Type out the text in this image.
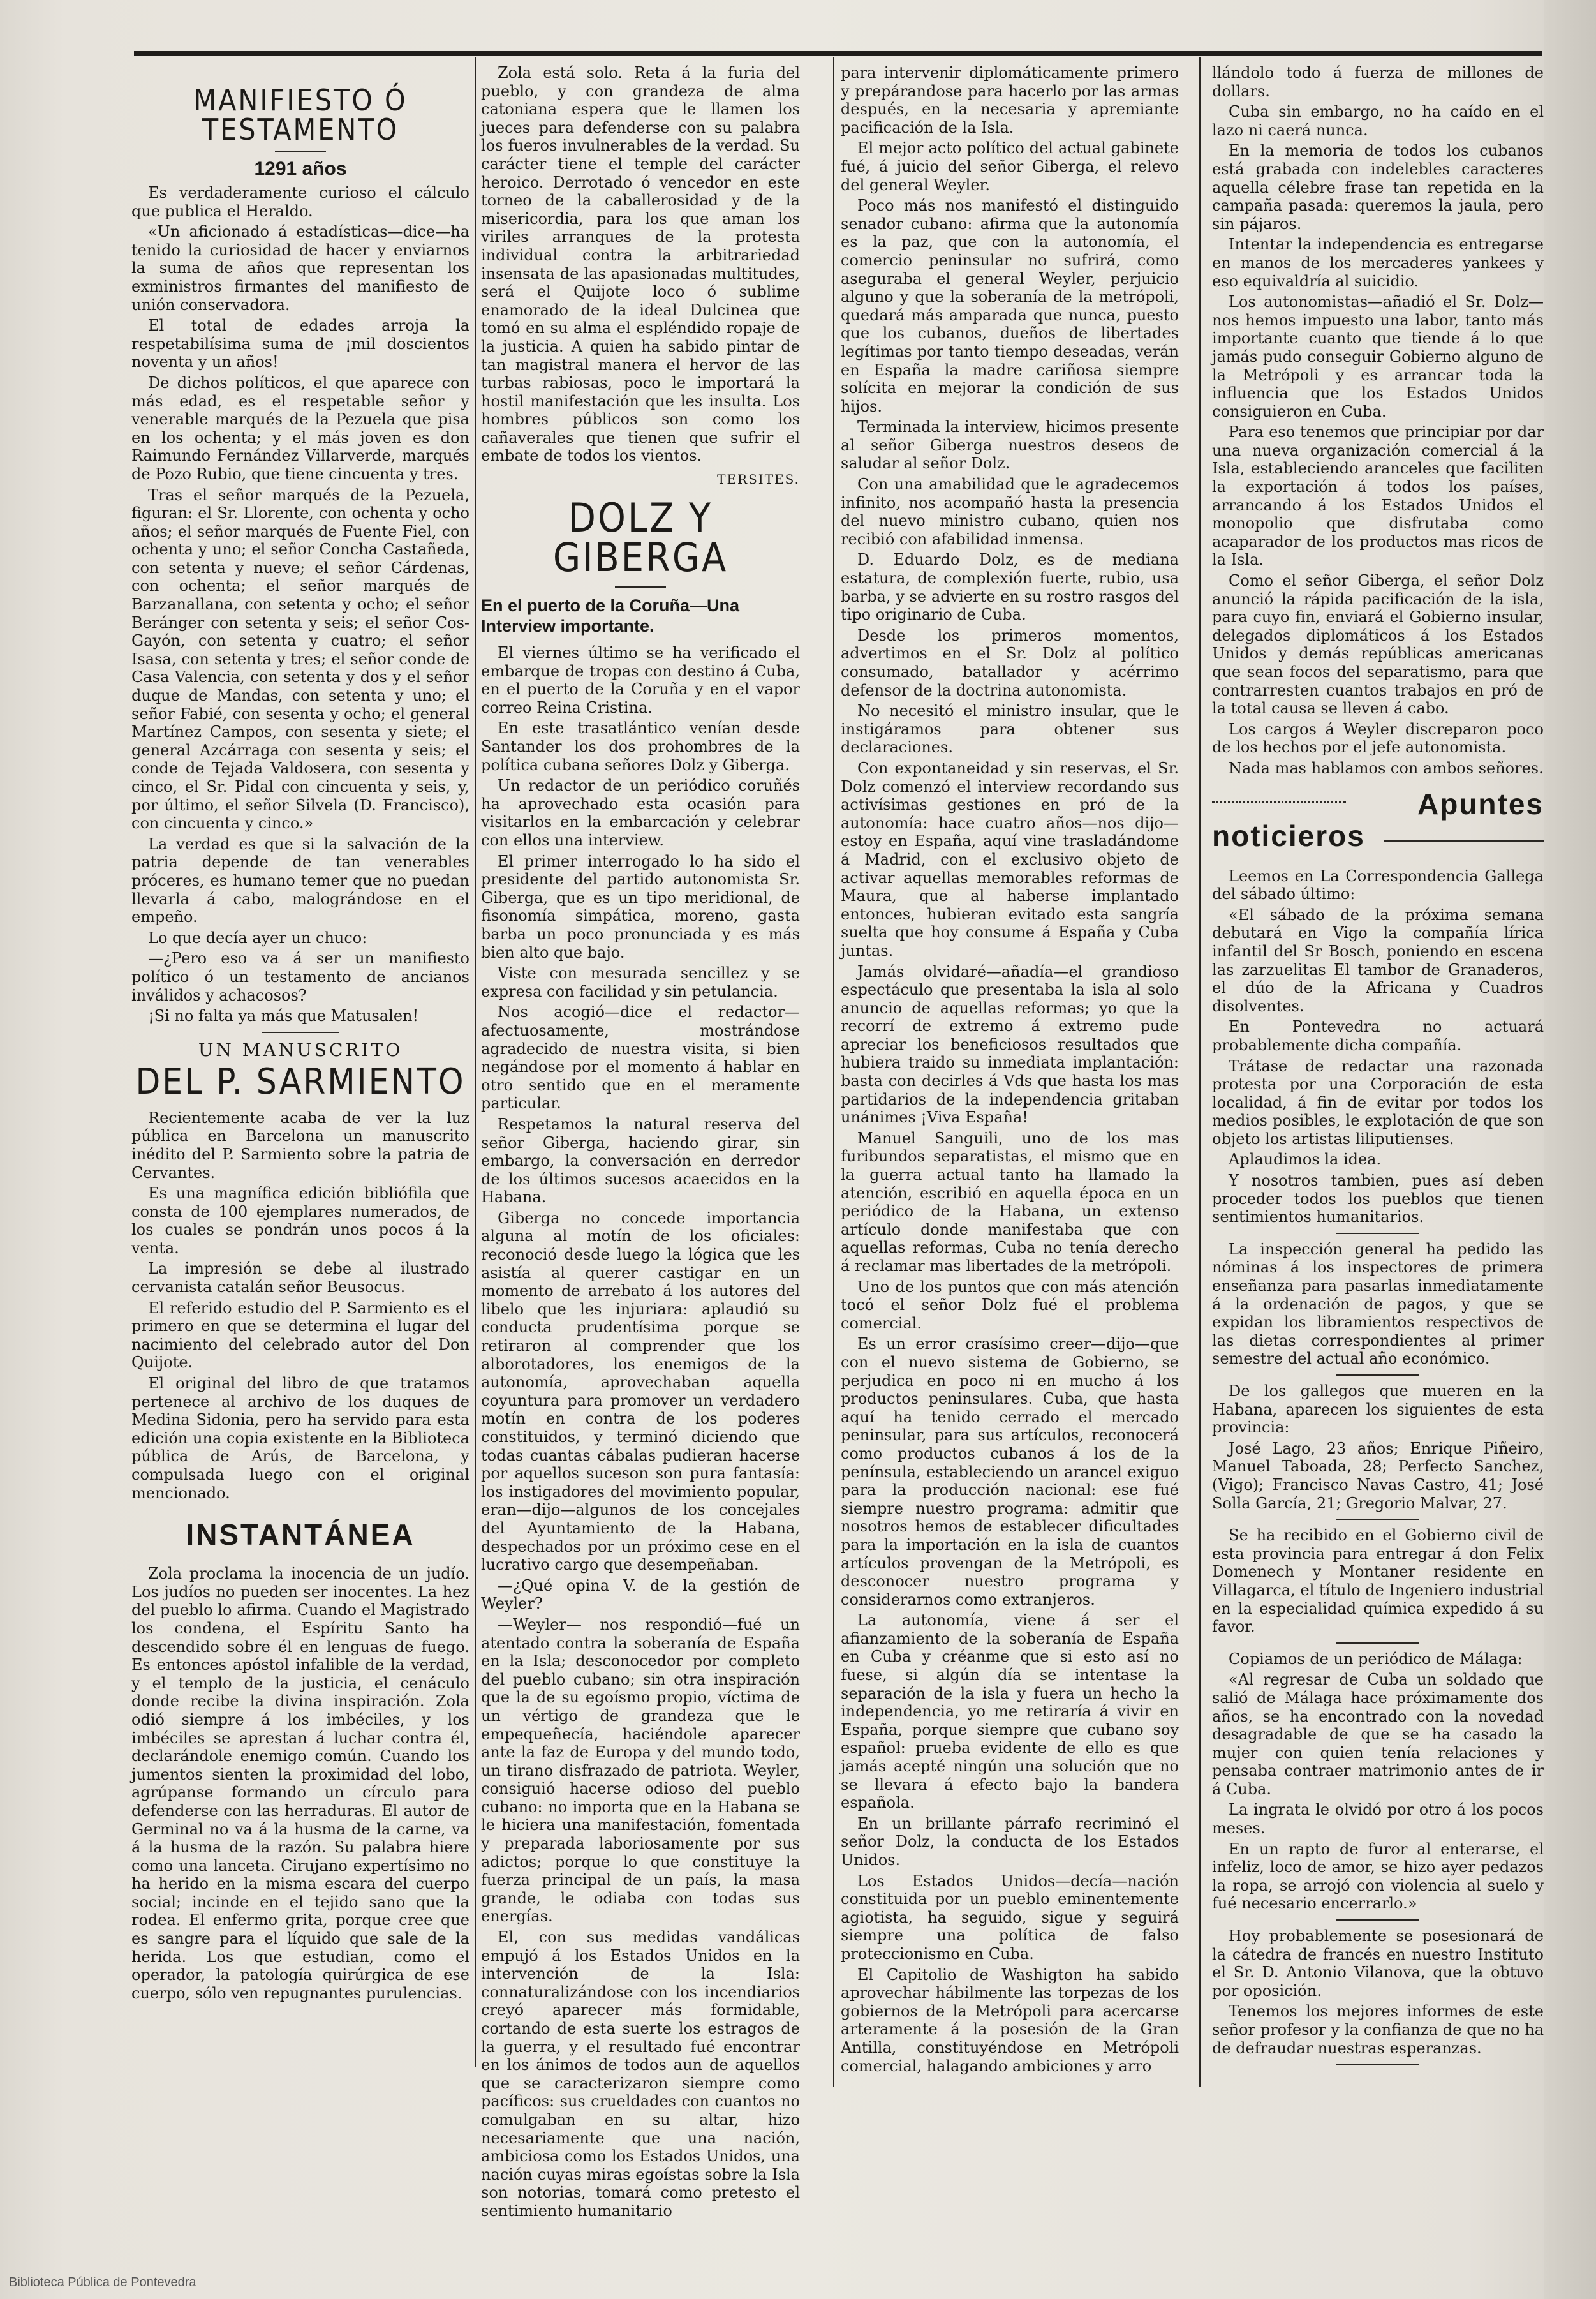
MANIFIESTO Ó TESTAMENTO
1291 años

Es verdaderamente curioso el cálculo que publica el Heraldo.

«Un aficionado á estadísticas—dice—ha tenido la curiosidad de hacer y enviarnos la suma de años que representan los exministros firmantes del manifiesto de unión conservadora.

El total de edades arroja la respetabilísima suma de ¡mil doscientos noventa y un años!

De dichos políticos, el que aparece con más edad, es el respetable señor y venerable marqués de la Pezuela que pisa en los ochenta; y el más joven es don Raimundo Fernández Villarverde, marqués de Pozo Rubio, que tiene cincuenta y tres.

Tras el señor marqués de la Pezuela, figuran: el Sr. Llorente, con ochenta y ocho años; el señor marqués de Fuente Fiel, con ochenta y uno; el señor Concha Castañeda, con setenta y nueve; el señor Cárdenas, con ochenta; el señor marqués de Barzanallana, con setenta y ocho; el señor Beránger con setenta y seis; el señor Cos-Gayón, con setenta y cuatro; el señor Isasa, con setenta y tres; el señor conde de Casa Valencia, con setenta y dos y el señor duque de Mandas, con setenta y uno; el señor Fabié, con sesenta y ocho; el general Martínez Campos, con sesenta y siete; el general Azcárraga con sesenta y seis; el conde de Tejada Valdosera, con sesenta y cinco, el Sr. Pidal con cincuenta y seis, y, por último, el señor Silvela (D. Francisco), con cincuenta y cinco.»

La verdad es que si la salvación de la patria depende de tan venerables próceres, es humano temer que no puedan llevarla á cabo, malográndose en el empeño.

Lo que decía ayer un chuco:

—¿Pero eso va á ser un manifiesto político ó un testamento de ancianos inválidos y achacosos?

¡Si no falta ya más que Matusalen!

UN MANUSCRITO
DEL P. SARMIENTO

Recientemente acaba de ver la luz pública en Barcelona un manuscrito inédito del P. Sarmiento sobre la patria de Cervantes.

Es una magnífica edición bibliófila que consta de 100 ejemplares numerados, de los cuales se pondrán unos pocos á la venta.

La impresión se debe al ilustrado cervanista catalán señor Beusocus.

El referido estudio del P. Sarmiento es el primero en que se determina el lugar del nacimiento del celebrado autor del Don Quijote.

El original del libro de que tratamos pertenece al archivo de los duques de Medina Sidonia, pero ha servido para esta edición una copia existente en la Biblioteca pública de Arús, de Barcelona, y compulsada luego con el original mencionado.

INSTANTÁNEA

Zola proclama la inocencia de un judío. Los judíos no pueden ser inocentes. La hez del pueblo lo afirma. Cuando el Magistrado los condena, el Espíritu Santo ha descendido sobre él en lenguas de fuego. Es entonces apóstol infalible de la verdad, y el templo de la justicia, el cenáculo donde recibe la divina inspiración. Zola odió siempre á los imbéciles, y los imbéciles se aprestan á luchar contra él, declarándole enemigo común. Cuando los jumentos sienten la proximidad del lobo, agrúpanse formando un círculo para defenderse con las herraduras. El autor de Germinal no va á la husma de la carne, va á la husma de la razón. Su palabra hiere como una lanceta. Cirujano expertísimo no ha herido en la misma escara del cuerpo social; incinde en el tejido sano que la rodea. El enfermo grita, porque cree que es sangre para el líquido que sale de la herida. Los que estudian, como el operador, la patología quirúrgica de ese cuerpo, sólo ven repugnantes purulencias.

Zola está solo. Reta á la furia del pueblo, y con grandeza de alma catoniana espera que le llamen los jueces para defenderse con su palabra los fueros invulnerables de la verdad. Su carácter tiene el temple del carácter heroico. Derrotado ó vencedor en este torneo de la caballerosidad y de la misericordia, para los que aman los viriles arranques de la protesta individual contra la arbitrariedad insensata de las apasionadas multitudes, será el Quijote loco ó sublime enamorado de la ideal Dulcinea que tomó en su alma el espléndido ropaje de la justicia. A quien ha sabido pintar de tan magistral manera el hervor de las turbas rabiosas, poco le importará la hostil manifestación que les insulta. Los hombres públicos son como los cañaverales que tienen que sufrir el embate de todos los vientos.

TERSITES.
DOLZ Y GIBERGA
En el puerto de la Coruña—Una Interview importante.

El viernes último se ha verificado el embarque de tropas con destino á Cuba, en el puerto de la Coruña y en el vapor correo Reina Cristina.

En este trasatlántico venían desde Santander los dos prohombres de la política cubana señores Dolz y Giberga.

Un redactor de un periódico coruñés ha aprovechado esta ocasión para visitarlos en la embarcación y celebrar con ellos una interview.

El primer interrogado lo ha sido el presidente del partido autonomista Sr. Giberga, que es un tipo meridional, de fisonomía simpática, moreno, gasta barba un poco pronunciada y es más bien alto que bajo.

Viste con mesurada sencillez y se expresa con facilidad y sin petulancia.

Nos acogió—dice el redactor—afectuosamente, mostrándose agradecido de nuestra visita, si bien negándose por el momento á hablar en otro sentido que en el meramente particular.

Respetamos la natural reserva del señor Giberga, haciendo girar, sin embargo, la conversación en derredor de los últimos sucesos acaecidos en la Habana.

Giberga no concede importancia alguna al motín de los oficiales: reconoció desde luego la lógica que les asistía al querer castigar en un momento de arrebato á los autores del libelo que les injuriara: aplaudió su conducta prudentísima porque se retiraron al comprender que los alborotadores, los enemigos de la autonomía, aprovechaban aquella coyuntura para promover un verdadero motín en contra de los poderes constituidos, y terminó diciendo que todas cuantas cábalas pudieran hacerse por aquellos suceson son pura fantasía: los instigadores del movimiento popular, eran—dijo—algunos de los concejales del Ayuntamiento de la Habana, despechados por un próximo cese en el lucrativo cargo que desempeñaban.

—¿Qué opina V. de la gestión de Weyler?

—Weyler— nos respondió—fué un atentado contra la soberanía de España en la Isla; desconocedor por completo del pueblo cubano; sin otra inspiración que la de su egoísmo propio, víctima de un vértigo de grandeza que le empequeñecía, haciéndole aparecer ante la faz de Europa y del mundo todo, un tirano disfrazado de patriota. Weyler, consiguió hacerse odioso del pueblo cubano: no importa que en la Habana se le hiciera una manifestación, fomentada y preparada laboriosamente por sus adictos; porque lo que constituye la fuerza principal de un país, la masa grande, le odiaba con todas sus energías.

El, con sus medidas vandálicas empujó á los Estados Unidos en la intervención de la Isla: connaturalizándose con los incendiarios creyó aparecer más formidable, cortando de esta suerte los estragos de la guerra, y el resultado fué encontrar en los ánimos de todos aun de aquellos que se caracterizaron siempre como pacíficos: sus crueldades con cuantos no comulgaban en su altar, hizo necesariamente que una nación, ambiciosa como los Estados Unidos, una nación cuyas miras egoístas sobre la Isla son notorias, tomará como pretesto el sentimiento humanitario

para intervenir diplomáticamente primero y prepárandose para hacerlo por las armas después, en la necesaria y apremiante pacificación de la Isla.

El mejor acto político del actual gabinete fué, á juicio del señor Giberga, el relevo del general Weyler.

Poco más nos manifestó el distinguido senador cubano: afirma que la autonomía es la paz, que con la autonomía, el comercio peninsular no sufrirá, como aseguraba el general Weyler, perjuicio alguno y que la soberanía de la metrópoli, quedará más amparada que nunca, puesto que los cubanos, dueños de libertades legítimas por tanto tiempo deseadas, verán en España la madre cariñosa siempre solícita en mejorar la condición de sus hijos.

Terminada la interview, hicimos presente al señor Giberga nuestros deseos de saludar al señor Dolz.

Con una amabilidad que le agradecemos infinito, nos acompañó hasta la presencia del nuevo ministro cubano, quien nos recibió con afabilidad inmensa.

D. Eduardo Dolz, es de mediana estatura, de complexión fuerte, rubio, usa barba, y se advierte en su rostro rasgos del tipo originario de Cuba.

Desde los primeros momentos, advertimos en el Sr. Dolz al político consumado, batallador y acérrimo defensor de la doctrina autonomista.

No necesitó el ministro insular, que le instigáramos para obtener sus declaraciones.

Con expontaneidad y sin reservas, el Sr. Dolz comenzó el interview recordando sus activísimas gestiones en pró de la autonomía: hace cuatro años—nos dijo—estoy en España, aquí vine trasladándome á Madrid, con el exclusivo objeto de activar aquellas memorables reformas de Maura, que al haberse implantado entonces, hubieran evitado esta sangría suelta que hoy consume á España y Cuba juntas.

Jamás olvidaré—añadía—el grandioso espectáculo que presentaba la isla al solo anuncio de aquellas reformas; yo que la recorrí de extremo á extremo pude apreciar los beneficiosos resultados que hubiera traido su inmediata implantación: basta con decirles á Vds que hasta los mas partidarios de la independencia gritaban unánimes ¡Viva España!

Manuel Sanguili, uno de los mas furibundos separatistas, el mismo que en la guerra actual tanto ha llamado la atención, escribió en aquella época en un periódico de la Habana, un extenso artículo donde manifestaba que con aquellas reformas, Cuba no tenía derecho á reclamar mas libertades de la metrópoli.

Uno de los puntos que con más atención tocó el señor Dolz fué el problema comercial.

Es un error crasísimo creer—dijo—que con el nuevo sistema de Gobierno, se perjudica en poco ni en mucho á los productos peninsulares. Cuba, que hasta aquí ha tenido cerrado el mercado peninsular, para sus artículos, reconocerá como productos cubanos á los de la península, estableciendo un arancel exiguo para la producción nacional: ese fué siempre nuestro programa: admitir que nosotros hemos de establecer dificultades para la importación en la isla de cuantos artículos provengan de la Metrópoli, es desconocer nuestro programa y considerarnos como extranjeros.

La autonomía, viene á ser el afianzamiento de la soberanía de España en Cuba y créanme que si esto así no fuese, si algún día se intentase la separación de la isla y fuera un hecho la independencia, yo me retiraría á vivir en España, porque siempre que cubano soy español: prueba evidente de ello es que jamás acepté ningún una solución que no se llevara á efecto bajo la bandera española.

En un brillante párrafo recriminó el señor Dolz, la conducta de los Estados Unidos.

Los Estados Unidos—decía—nación constituida por un pueblo eminentemente agiotista, ha seguido, sigue y seguirá siempre una política de falso proteccionismo en Cuba.

El Capitolio de Washigton ha sabido aprovechar hábilmente las torpezas de los gobiernos de la Metrópoli para acercarse arteramente á la posesión de la Gran Antilla, constituyéndose en Metrópoli comercial, halagando ambiciones y arro

llándolo todo á fuerza de millones de dollars.

Cuba sin embargo, no ha caído en el lazo ni caerá nunca.

En la memoria de todos los cubanos está grabada con indelebles caracteres aquella célebre frase tan repetida en la campaña pasada: queremos la jaula, pero sin pájaros.

Intentar la independencia es entregarse en manos de los mercaderes yankees y eso equivaldría al suicidio.

Los autonomistas—añadió el Sr. Dolz—nos hemos impuesto una labor, tanto más importante cuanto que tiende á lo que jamás pudo conseguir Gobierno alguno de la Metrópoli y es arrancar toda la influencia que los Estados Unidos consiguieron en Cuba.

Para eso tenemos que principiar por dar una nueva organización comercial á la Isla, estableciendo aranceles que faciliten la exportación á todos los países, arrancando á los Estados Unidos el monopolio que disfrutaba como acaparador de los productos mas ricos de la Isla.

Como el señor Giberga, el señor Dolz anunció la rápida pacificación de la isla, para cuyo fin, enviará el Gobierno insular, delegados diplomáticos á los Estados Unidos y demás repúblicas americanas que sean focos del separatismo, para que contrarresten cuantos trabajos en pró de la total causa se lleven á cabo.

Los cargos á Weyler discreparon poco de los hechos por el jefe autonomista.

Nada mas hablamos con ambos señores.

Apuntes
noticieros

Leemos en La Correspondencia Gallega del sábado último:

«El sábado de la próxima semana debutará en Vigo la compañía lírica infantil del Sr Bosch, poniendo en escena las zarzuelitas El tambor de Granaderos, el dúo de la Africana y Cuadros disolventes.

En Pontevedra no actuará probablemente dicha compañía.

Trátase de redactar una razonada protesta por una Corporación de esta localidad, á fin de evitar por todos los medios posibles, le explotación de que son objeto los artistas liliputienses.

Aplaudimos la idea.

Y nosotros tambien, pues así deben proceder todos los pueblos que tienen sentimientos humanitarios.

La inspección general ha pedido las nóminas á los inspectores de primera enseñanza para pasarlas inmediatamente á la ordenación de pagos, y que se expidan los libramientos respectivos de las dietas correspondientes al primer semestre del actual año económico.

De los gallegos que mueren en la Habana, aparecen los siguientes de esta provincia:

José Lago, 23 años; Enrique Piñeiro, Manuel Taboada, 28; Perfecto Sanchez, (Vigo); Francisco Navas Castro, 41; José Solla García, 21; Gregorio Malvar, 27.

Se ha recibido en el Gobierno civil de esta provincia para entregar á don Felix Domenech y Montaner residente en Villagarca, el título de Ingeniero industrial en la especialidad química expedido á su favor.

Copiamos de un periódico de Málaga:

«Al regresar de Cuba un soldado que salió de Málaga hace próximamente dos años, se ha encontrado con la novedad desagradable de que se ha casado la mujer con quien tenía relaciones y pensaba contraer matrimonio antes de ir á Cuba.

La ingrata le olvidó por otro á los pocos meses.

En un rapto de furor al enterarse, el infeliz, loco de amor, se hizo ayer pedazos la ropa, se arrojó con violencia al suelo y fué necesario encerrarlo.»

Hoy probablemente se posesionará de la cátedra de francés en nuestro Instituto el Sr. D. Antonio Vilanova, que la obtuvo por oposición.

Tenemos los mejores informes de este señor profesor y la confianza de que no ha de defraudar nuestras esperanzas.

Biblioteca Pública de Pontevedra
